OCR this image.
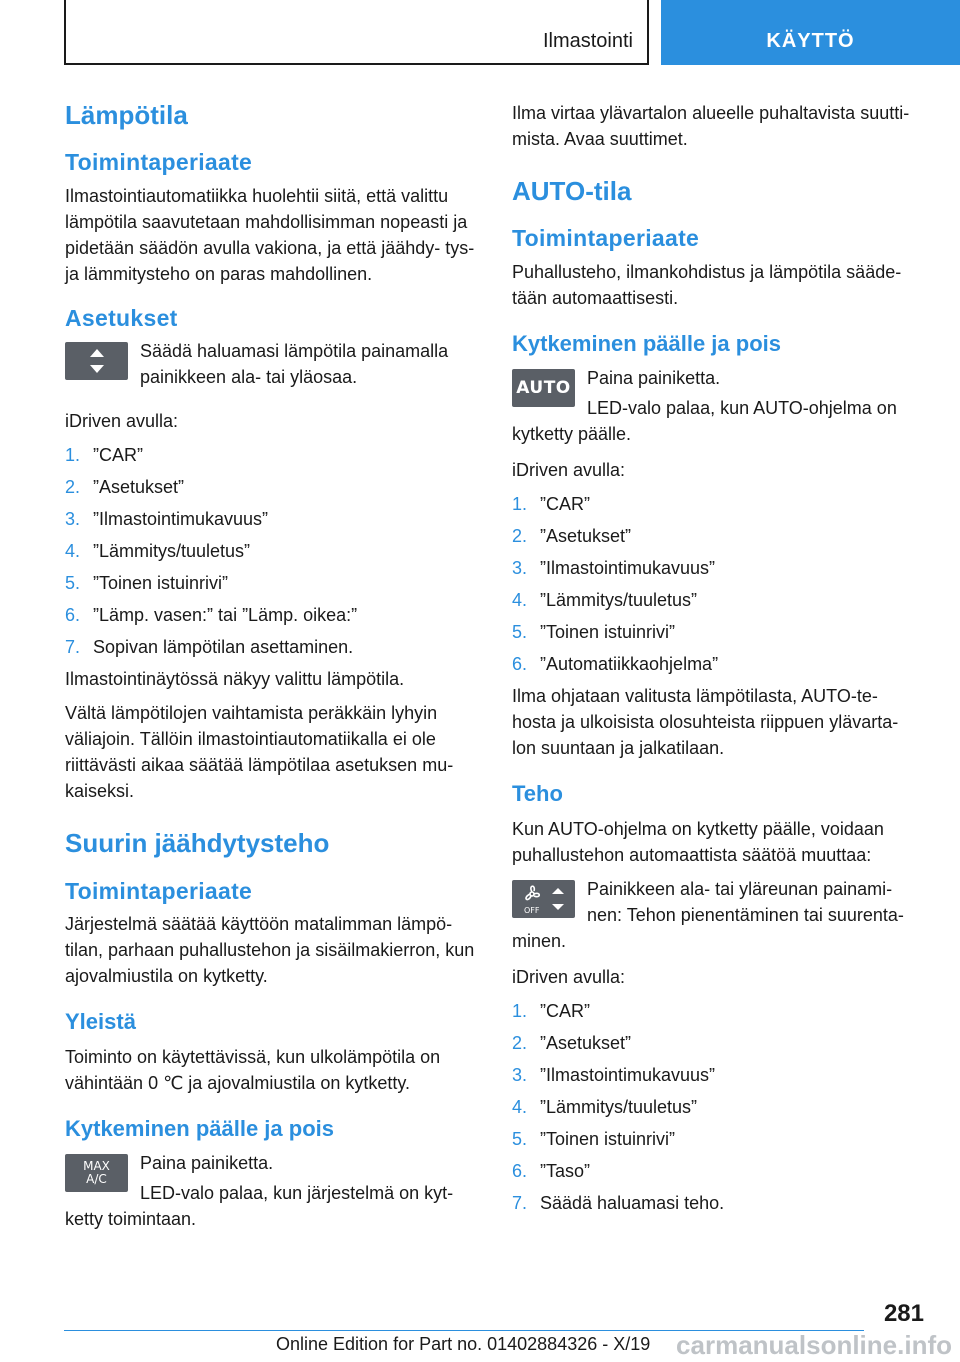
Ilmastointi	KÄYTTÖ
Lämpötila
Toimintaperiaate

Ilmastointiautomatiikka huolehtii siitä, että valittu lämpötila saavutetaan mahdollisimman nopeasti ja pidetään säädön avulla vakiona, ja että jäähdy- tys- ja lämmitysteho on paras mahdollinen.

Asetukset

Säädä haluamasi lämpötila painamalla painikkeen ala- tai yläosaa.

iDriven avulla:

1. ”CAR”
2. ”Asetukset”
3. ”Ilmastointimukavuus”
4. ”Lämmitys/tuuletus”
5. ”Toinen istuinrivi”
6. ”Lämp. vasen:” tai ”Lämp. oikea:”
7. Sopivan lämpötilan asettaminen.

Ilmastointinäytössä näkyy valittu lämpötila.

Vältä lämpötilojen vaihtamista peräkkäin lyhyin väliajoin. Tällöin ilmastointiautomatiikalla ei ole riittävästi aikaa säätää lämpötilaa asetuksen mu- kaiseksi.

Suurin jäähdytysteho
Toimintaperiaate

Järjestelmä säätää käyttöön matalimman lämpö- tilan, parhaan puhallustehon ja sisäilmakierron, kun ajovalmiustila on kytketty.

Yleistä

Toiminto on käytettävissä, kun ulkolämpötila on vähintään 0 ℃ ja ajovalmiustila on kytketty.

Kytkeminen päälle ja pois
MAX
A/C

Paina painiketta.

LED-valo palaa, kun järjestelmä on kyt-

ketty toimintaan.

Ilma virtaa ylävartalon alueelle puhaltavista suutti- mista. Avaa suuttimet.

AUTO-tila
Toimintaperiaate

Puhallusteho, ilmankohdistus ja lämpötila sääde- tään automaattisesti.

Kytkeminen päälle ja pois
AUTO Paina painiketta.

LED-valo palaa, kun AUTO-ohjelma on

kytketty päälle.

iDriven avulla:

1. ”CAR”
2. ”Asetukset”
3. ”Ilmastointimukavuus”
4. ”Lämmitys/tuuletus”
5. ”Toinen istuinrivi”
6. ”Automatiikkaohjelma”

Ilma ohjataan valitusta lämpötilasta, AUTO-te- hosta ja ulkoisista olosuhteista riippuen ylävarta- lon suuntaan ja jalkatilaan.

Teho

Kun AUTO-ohjelma on kytketty päälle, voidaan puhallustehon automaattista säätöä muuttaa:

OFF

Painikkeen ala- tai yläreunan painami-

nen: Tehon pienentäminen tai suurenta-

minen.

iDriven avulla:

1. ”CAR”
2. ”Asetukset”
3. ”Ilmastointimukavuus”
4. ”Lämmitys/tuuletus”
5. ”Toinen istuinrivi”
6. ”Taso”
7. Säädä haluamasi teho.
281
Online Edition for Part no. 01402884326 - X/19 carmanualsonline.info
